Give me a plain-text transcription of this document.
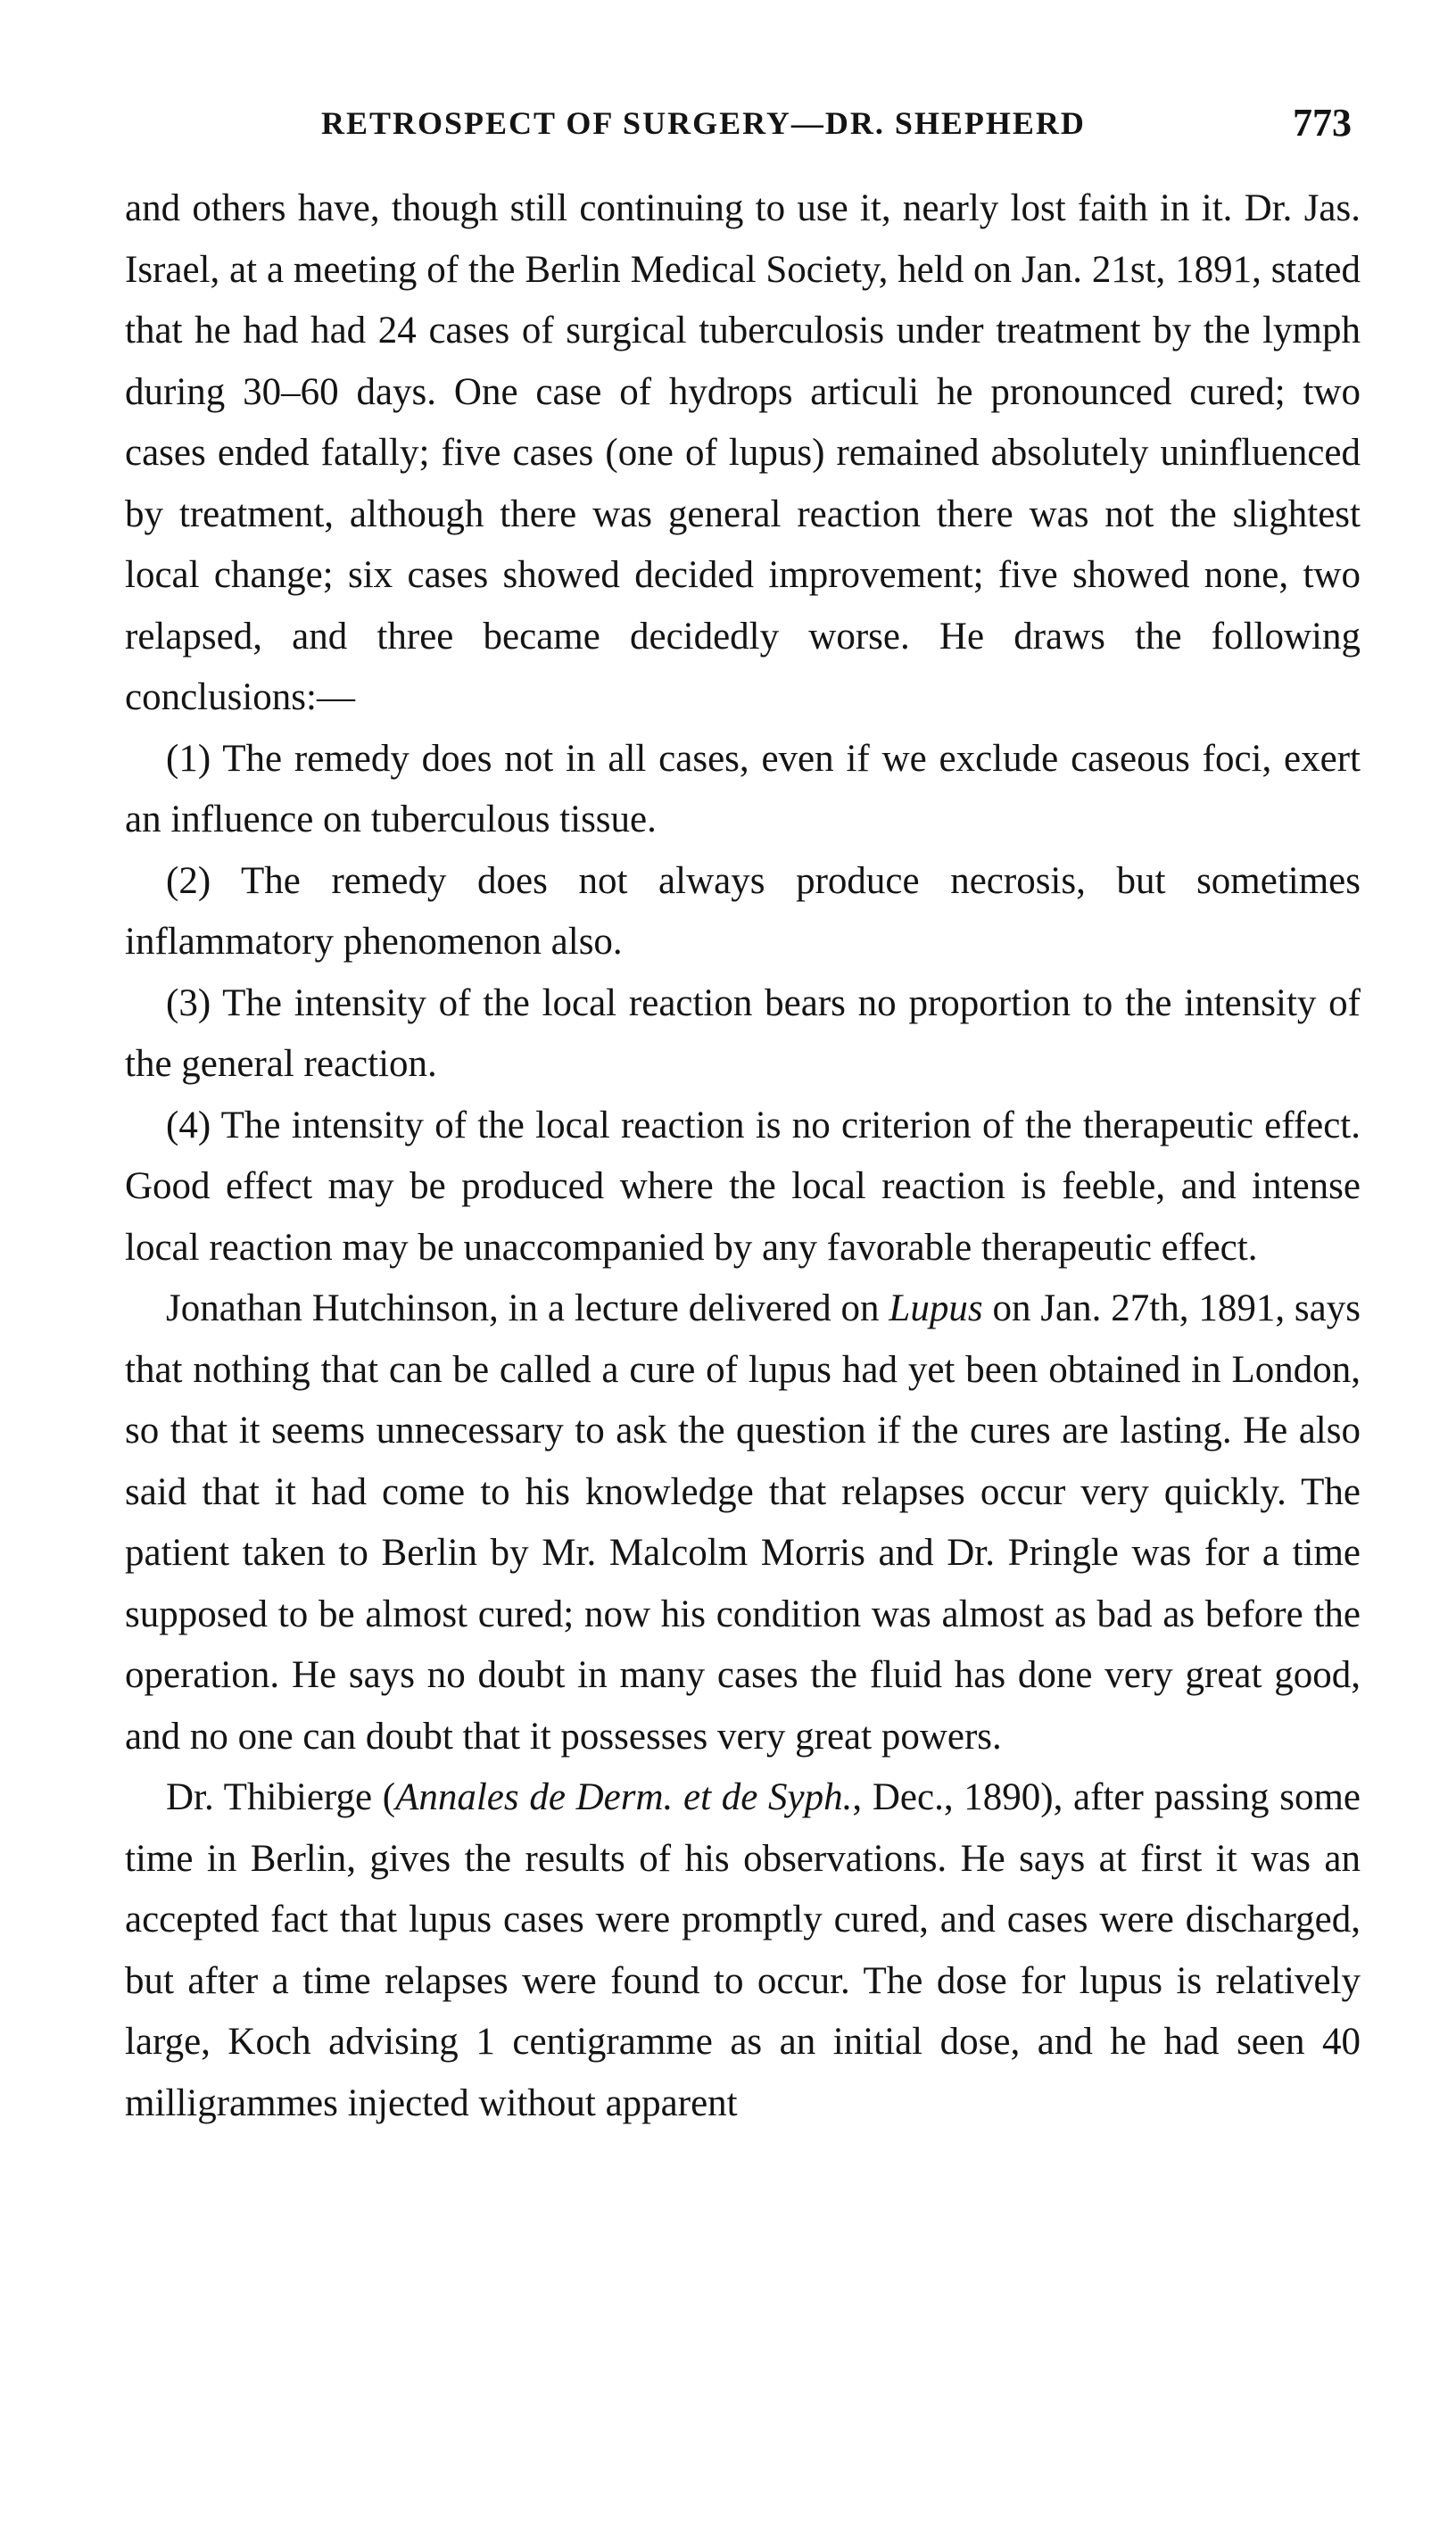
RETROSPECT OF SURGERY—DR. SHEPHERD	773

and others have, though still continuing to use it, nearly lost faith in it. Dr. Jas. Israel, at a meeting of the Berlin Medical Society, held on Jan. 21st, 1891, stated that he had had 24 cases of surgical tuberculosis under treatment by the lymph during 30–60 days. One case of hydrops articuli he pronounced cured; two cases ended fatally; five cases (one of lupus) remained absolutely uninfluenced by treatment, although there was general reaction there was not the slightest local change; six cases showed decided improvement; five showed none, two relapsed, and three became decidedly worse. He draws the following conclusions:—

(1) The remedy does not in all cases, even if we exclude caseous foci, exert an influence on tuberculous tissue.

(2) The remedy does not always produce necrosis, but sometimes inflammatory phenomenon also.

(3) The intensity of the local reaction bears no proportion to the intensity of the general reaction.

(4) The intensity of the local reaction is no criterion of the therapeutic effect. Good effect may be produced where the local reaction is feeble, and intense local reaction may be unaccompanied by any favorable therapeutic effect.

Jonathan Hutchinson, in a lecture delivered on Lupus on Jan. 27th, 1891, says that nothing that can be called a cure of lupus had yet been obtained in London, so that it seems unnecessary to ask the question if the cures are lasting. He also said that it had come to his knowledge that relapses occur very quickly. The patient taken to Berlin by Mr. Malcolm Morris and Dr. Pringle was for a time supposed to be almost cured; now his condition was almost as bad as before the operation. He says no doubt in many cases the fluid has done very great good, and no one can doubt that it possesses very great powers.

Dr. Thibierge (Annales de Derm. et de Syph., Dec., 1890), after passing some time in Berlin, gives the results of his observations. He says at first it was an accepted fact that lupus cases were promptly cured, and cases were discharged, but after a time relapses were found to occur. The dose for lupus is relatively large, Koch advising 1 centigramme as an initial dose, and he had seen 40 milligrammes injected without apparent
